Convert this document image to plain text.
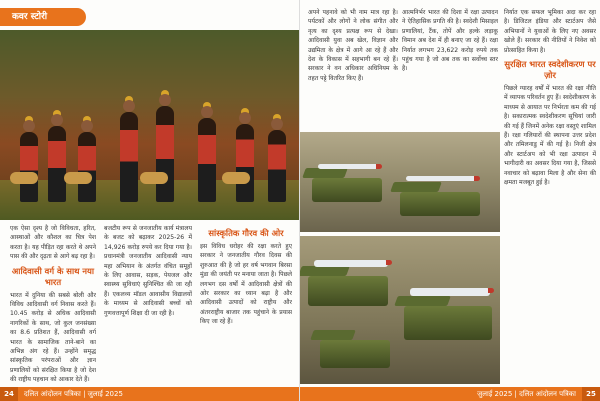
कवर स्टोरी

एक ऐसा दृश्य है जो विविधता, हरित, आस्थाओं और कौशल का चित्र पेश करता है। यह पीड़ित रहा करते थे अपने पास की और दृढ़ता से आगे बढ़ रहा है।

आदिवासी वर्ग के साथ नया भारत

भारत में दुनिया की सबसे बोली और विविध आदिवासी वर्ग निवास करते हैं। 10.45 करोड़ से अधिक आदिवासी नागरिकों के साथ, जो कुल जनसंख्या का 8.6 प्रतिशत हैं, आदिवासी वर्ग भारत के सामाजिक ताने-बाने का अभिन्न अंग रहे हैं। उन्होंने समृद्ध सांस्कृतिक परंपराओं और ज्ञान प्रणालियों को संरक्षित किया है जो देश की राष्ट्रीय पहचान को आकार देते हैं।

बजटीय रूप से जनजातीय कार्य मंत्रालय के बजट को बढ़ाकर 2025-26 में 14,926 करोड़ रुपये कर दिया गया है। प्रधानमंत्री जनजातीय आदिवासी न्याय महा अभियान के अंतर्गत वंचित समूहों के लिए आवास, सड़क, पेयजल और स्वास्थ्य सुविधाएं सुनिश्चित की जा रही हैं। एकलव्य मॉडल आवासीय विद्यालयों के माध्यम से आदिवासी बच्चों को गुणवत्तापूर्ण शिक्षा दी जा रही है।

सांस्कृतिक गौरव की ओर

इस विविध धरोहर की रक्षा करते हुए सरकार ने जनजातीय गौरव दिवस की शुरुआत की है जो हर वर्ष भगवान बिरसा मुंडा की जयंती पर मनाया जाता है। पिछले लगभग दस वर्षों में आदिवासी क्षेत्रों की ओर सरकार का ध्यान बढ़ा है और आदिवासी उत्पादों को राष्ट्रीय और अंतरराष्ट्रीय बाजार तक पहुंचाने के प्रयास किए जा रहे हैं।

24 दलित आंदोलन पत्रिका | जुलाई 2025

अपने पहनावे को भी नाम मात्र रहा है। पर्यटकों और लोगों ने लोक संगीत और नृत्य का दृश्य प्रत्यक्ष रूप से देखा। आदिवासी युवा अब खेल, विज्ञान और उद्यमिता के क्षेत्र में आगे आ रहे हैं और देश के विकास में सहभागी बन रहे हैं। सरकार ने वन अधिकार अधिनियम के तहत पट्टे वितरित किए हैं।

आत्मनिर्भर भारत की दिशा में रक्षा उत्पादन ने ऐतिहासिक प्रगति की है। स्वदेशी मिसाइल प्रणालियां, टैंक, तोपें और हल्के लड़ाकू विमान अब देश में ही बनाए जा रहे हैं। रक्षा निर्यात लगभग 23,622 करोड़ रुपये तक पहुंच गया है जो अब तक का सर्वोच्च स्तर है।

निर्यात एक सफल भूमिका अदा कर रहा है। डिजिटल इंडिया और स्टार्टअप जैसे अभियानों ने युवाओं के लिए नए अवसर खोले हैं। सरकार की नीतियों ने निवेश को प्रोत्साहित किया है।

सुरक्षित भारत स्वदेशीकरण पर ज़ोर

पिछले ग्यारह वर्षों में भारत की रक्षा नीति में व्यापक परिवर्तन हुए हैं। स्वदेशीकरण के माध्यम से आयात पर निर्भरता कम की गई है। सकारात्मक स्वदेशीकरण सूचियां जारी की गई हैं जिनमें अनेक रक्षा वस्तुएं शामिल हैं। रक्षा गलियारों की स्थापना उत्तर प्रदेश और तमिलनाडु में की गई है। निजी क्षेत्र और स्टार्टअप को भी रक्षा उत्पादन में भागीदारी का अवसर दिया गया है, जिससे नवाचार को बढ़ावा मिला है और सेना की क्षमता मजबूत हुई है।

जुलाई 2025 | दलित आंदोलन पत्रिका 25
